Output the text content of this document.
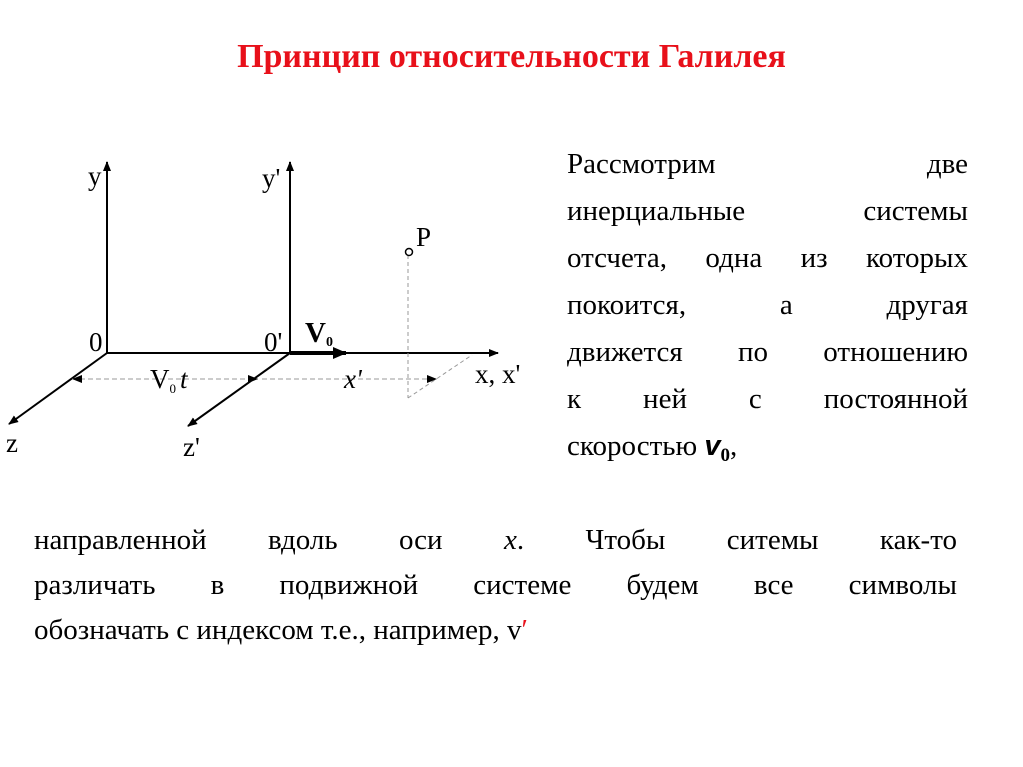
Принцип относительности Галилея
y	y'
P
0	0'
x, x'
z	z'
V0
V0 t	x'
Рассмотрим две
инерциальные системы
отсчета, одна из которых
покоится, а другая
движется по отношению
к ней с постоянной
скоростью $v_0$,
направленной вдоль оси x. Чтобы ситемы как-то
различать в подвижной системе будем все символы
обозначать с индексом т.е., например, v′
